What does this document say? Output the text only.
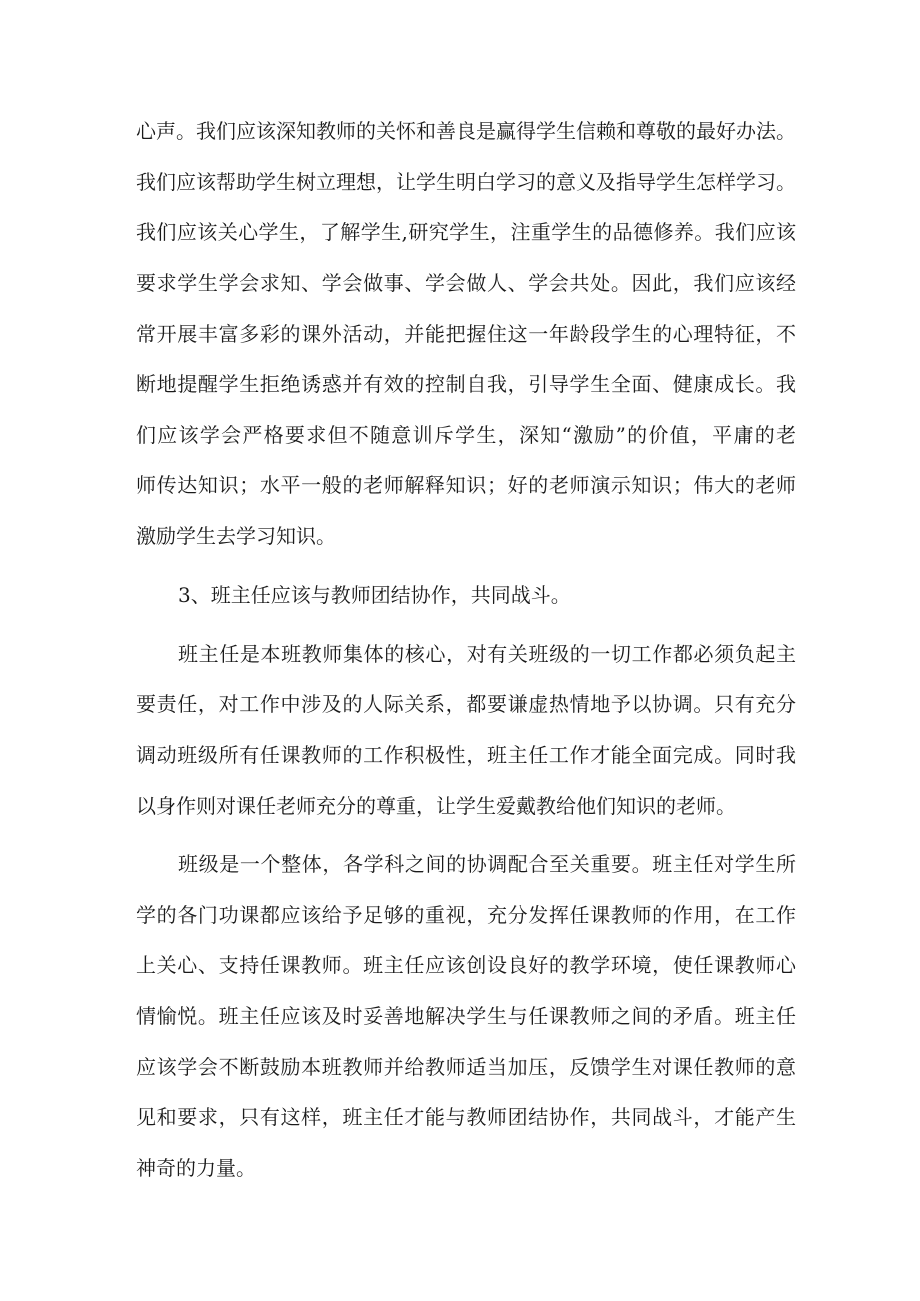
心声。我们应该深知教师的关怀和善良是赢得学生信赖和尊敬的最好办法。
我们应该帮助学生树立理想，让学生明白学习的意义及指导学生怎样学习。
我们应该关心学生，了解学生,研究学生，注重学生的品德修养。我们应该
要求学生学会求知、学会做事、学会做人、学会共处。因此，我们应该经
常开展丰富多彩的课外活动，并能把握住这一年龄段学生的心理特征，不
断地提醒学生拒绝诱惑并有效的控制自我，引导学生全面、健康成长。我
们应该学会严格要求但不随意训斥学生，深知“激励”的价值，平庸的老
师传达知识；水平一般的老师解释知识；好的老师演示知识；伟大的老师
激励学生去学习知识。
3、班主任应该与教师团结协作，共同战斗。
班主任是本班教师集体的核心，对有关班级的一切工作都必须负起主
要责任，对工作中涉及的人际关系，都要谦虚热情地予以协调。只有充分
调动班级所有任课教师的工作积极性，班主任工作才能全面完成。同时我
以身作则对课任老师充分的尊重，让学生爱戴教给他们知识的老师。
班级是一个整体，各学科之间的协调配合至关重要。班主任对学生所
学的各门功课都应该给予足够的重视，充分发挥任课教师的作用，在工作
上关心、支持任课教师。班主任应该创设良好的教学环境，使任课教师心
情愉悦。班主任应该及时妥善地解决学生与任课教师之间的矛盾。班主任
应该学会不断鼓励本班教师并给教师适当加压，反馈学生对课任教师的意
见和要求，只有这样，班主任才能与教师团结协作，共同战斗，才能产生
神奇的力量。
